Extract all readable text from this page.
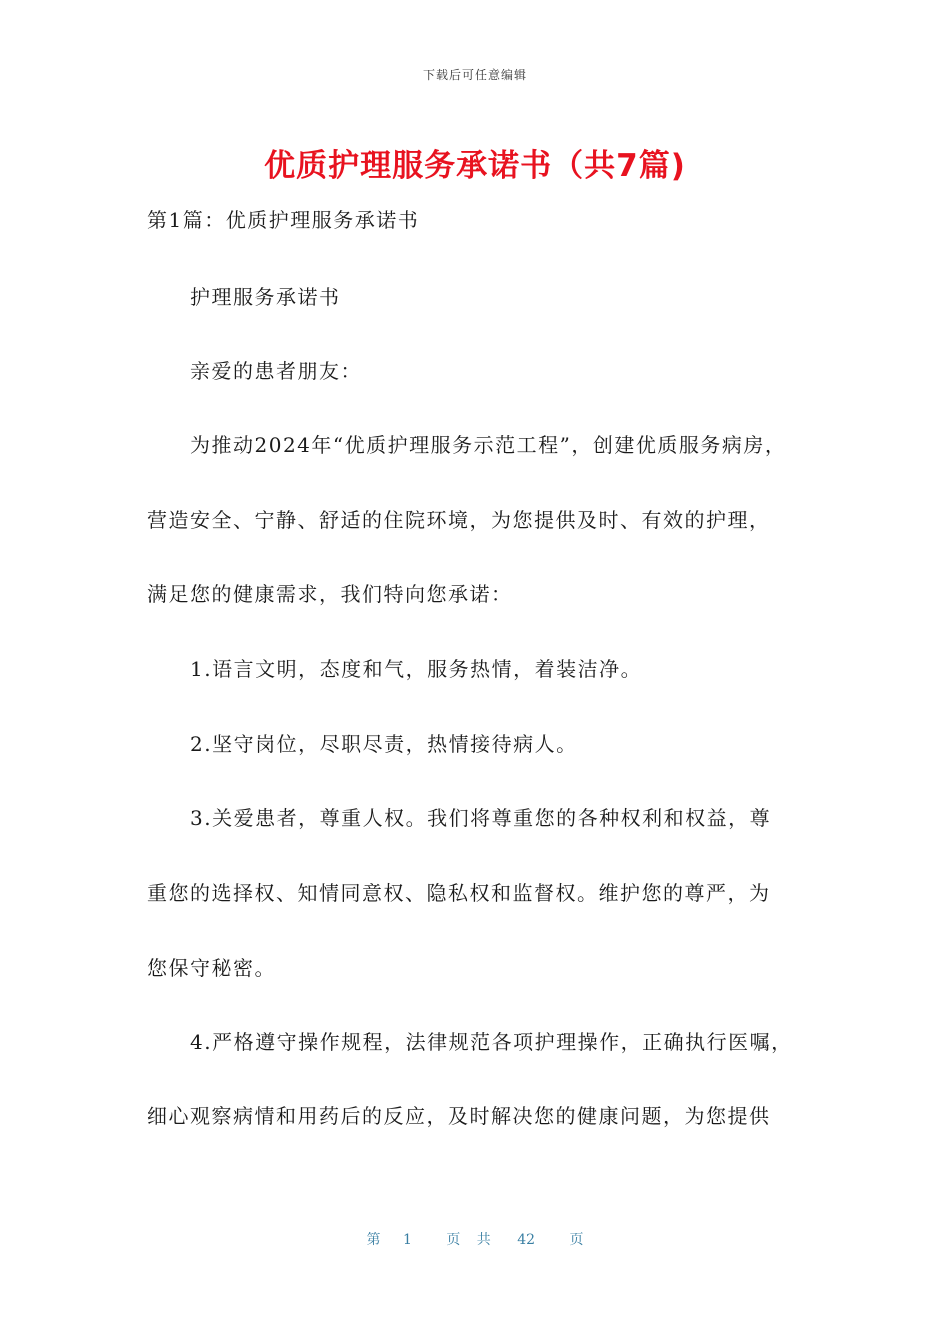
下载后可任意编辑
优质护理服务承诺书（共7篇)
第1篇：优质护理服务承诺书
护理服务承诺书
亲爱的患者朋友：
为推动2024年“优质护理服务示范工程”，创建优质服务病房，
营造安全、宁静、舒适的住院环境，为您提供及时、有效的护理，
满足您的健康需求，我们特向您承诺：
1.语言文明，态度和气，服务热情，着装洁净。
2.坚守岗位，尽职尽责，热情接待病人。
3.关爱患者，尊重人权。我们将尊重您的各种权利和权益，尊
重您的选择权、知情同意权、隐私权和监督权。维护您的尊严，为
您保守秘密。
4.严格遵守操作规程，法律规范各项护理操作，正确执行医嘱，
细心观察病情和用药后的反应，及时解决您的健康问题，为您提供
第 1 页 共 42 页
